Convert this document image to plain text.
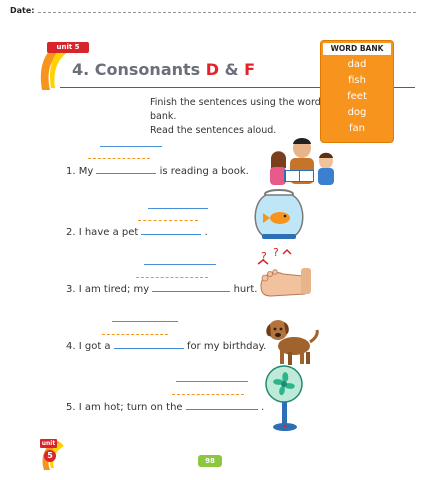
Date:
unit 5
4. Consonants D & F
WORD BANK
dad
fish
feet
dog
fan
Finish the sentences using the word bank.
Read the sentences aloud.
1. My	is reading a book.
2. I have a pet	.
3. I am tired; my	hurt.
? ?
4. I got a	for my birthday.
5. I am hot; turn on the	.
unit
5
98
